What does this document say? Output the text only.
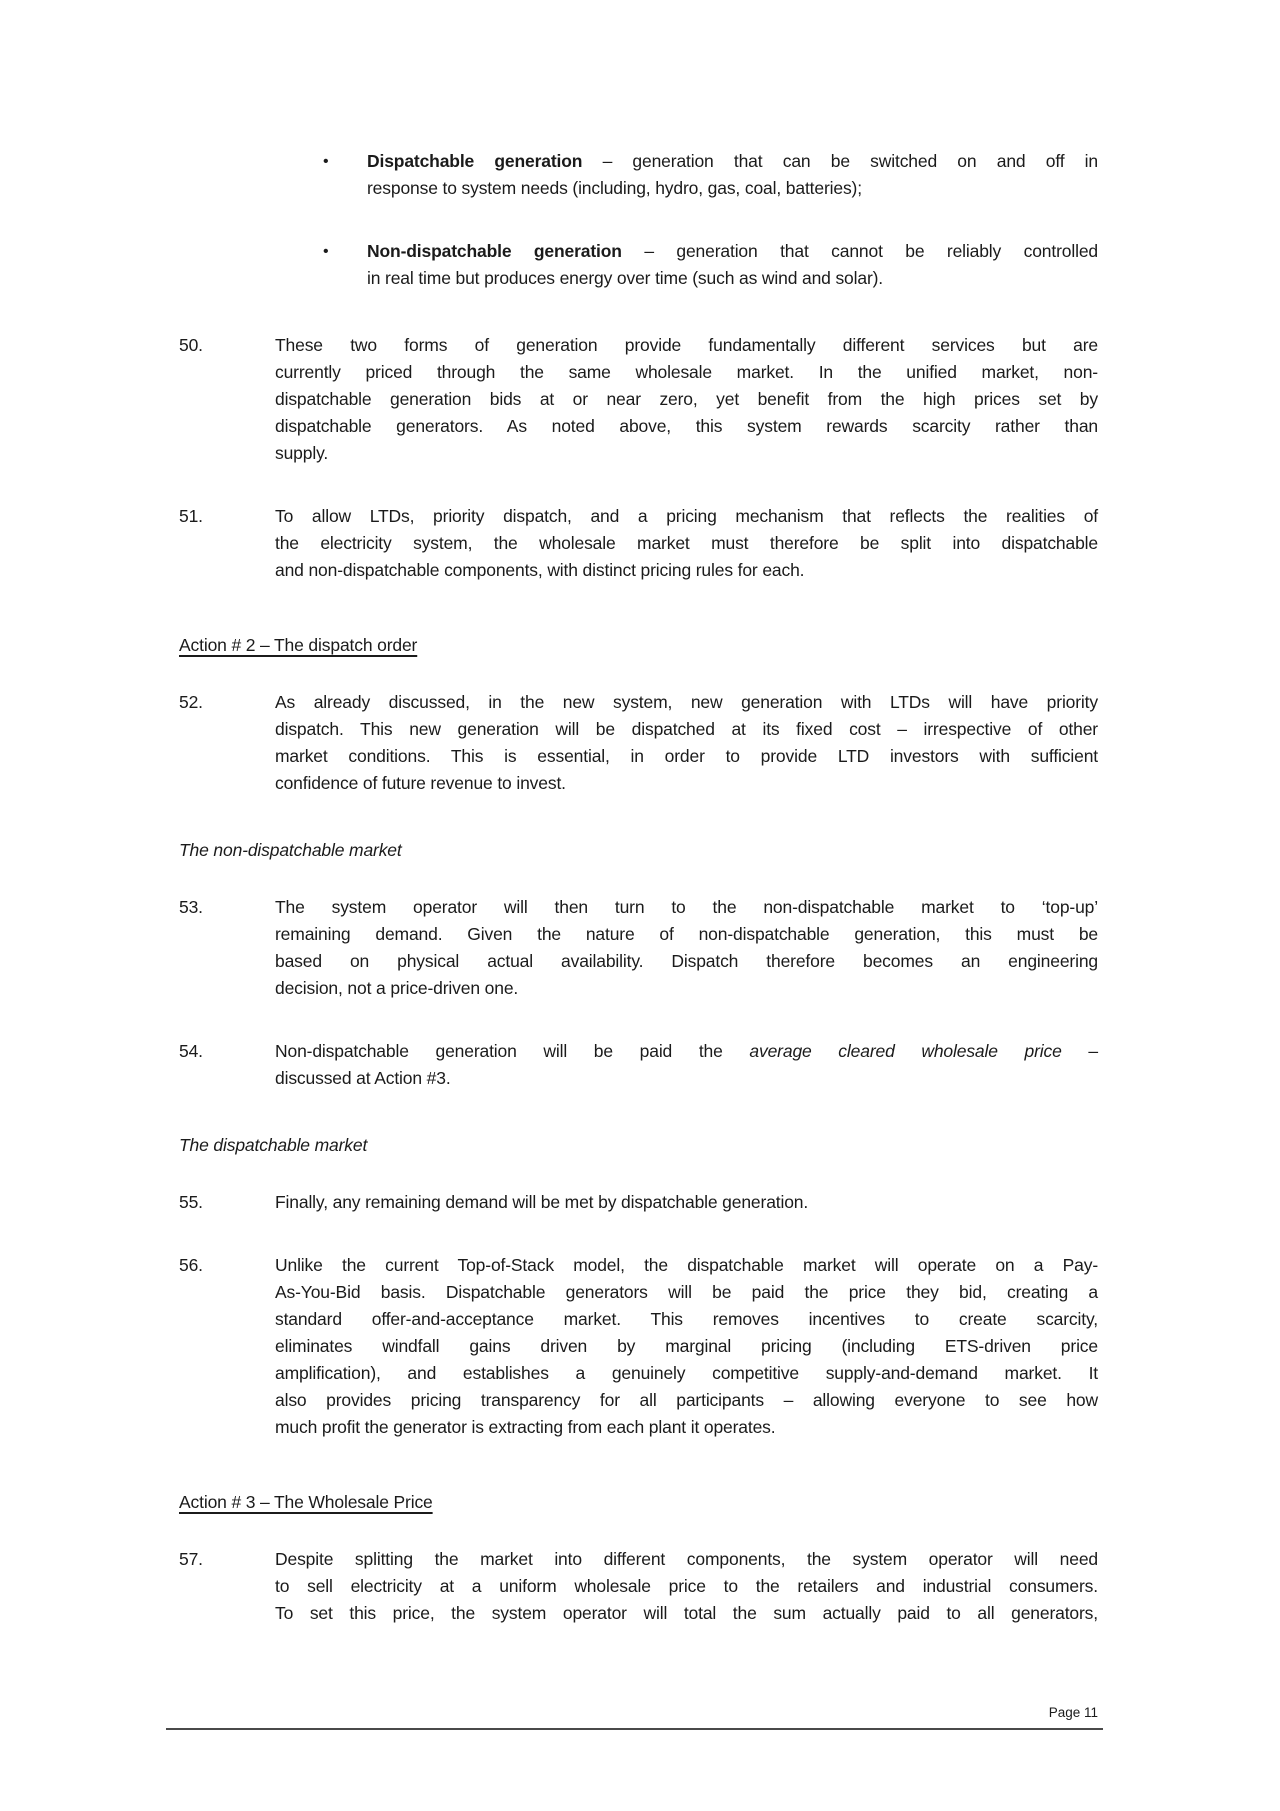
•	Dispatchable generation – generation that can be switched on and off in
response to system needs (including, hydro, gas, coal, batteries);
•	Non-dispatchable generation – generation that cannot be reliably controlled
in real time but produces energy over time (such as wind and solar).
50.	These two forms of generation provide fundamentally different services but are
currently priced through the same wholesale market. In the unified market, non-
dispatchable generation bids at or near zero, yet benefit from the high prices set by
dispatchable generators. As noted above, this system rewards scarcity rather than
supply.
51.	To allow LTDs, priority dispatch, and a pricing mechanism that reflects the realities of
the electricity system, the wholesale market must therefore be split into dispatchable
and non-dispatchable components, with distinct pricing rules for each.
Action # 2 – The dispatch order
52.	As already discussed, in the new system, new generation with LTDs will have priority
dispatch. This new generation will be dispatched at its fixed cost – irrespective of other
market conditions. This is essential, in order to provide LTD investors with sufficient
confidence of future revenue to invest.
The non-dispatchable market
53.	The system operator will then turn to the non-dispatchable market to ‘top-up’
remaining demand. Given the nature of non-dispatchable generation, this must be
based on physical actual availability. Dispatch therefore becomes an engineering
decision, not a price-driven one.
54.	Non-dispatchable generation will be paid the average cleared wholesale price –
discussed at Action #3.
The dispatchable market
55.	Finally, any remaining demand will be met by dispatchable generation.
56.	Unlike the current Top-of-Stack model, the dispatchable market will operate on a Pay-
As-You-Bid basis. Dispatchable generators will be paid the price they bid, creating a
standard offer-and-acceptance market. This removes incentives to create scarcity,
eliminates windfall gains driven by marginal pricing (including ETS-driven price
amplification), and establishes a genuinely competitive supply-and-demand market. It
also provides pricing transparency for all participants – allowing everyone to see how
much profit the generator is extracting from each plant it operates.
Action # 3 – The Wholesale Price
57.	Despite splitting the market into different components, the system operator will need
to sell electricity at a uniform wholesale price to the retailers and industrial consumers.
To set this price, the system operator will total the sum actually paid to all generators,
Page 11
